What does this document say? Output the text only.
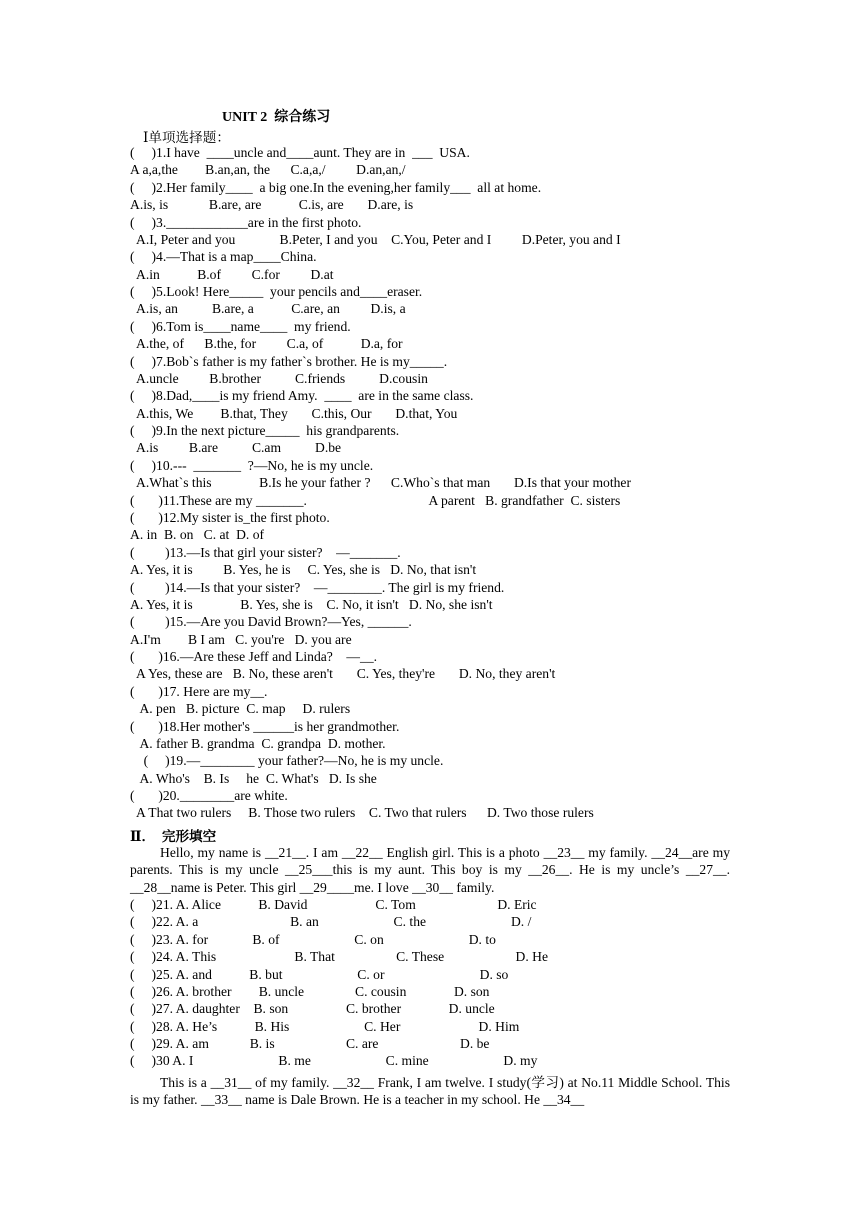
UNIT 2  综合练习
Ⅰ单项选择题：
(     )1.I have  ____uncle and____aunt. They are in  ___  USA.
A a,a,the        B.an,an, the      C.a,a,/         D.an,an,/
(     )2.Her family____  a big one.In the evening,her family___  all at home.
A.is, is            B.are, are           C.is, are       D.are, is
(     )3.____________are in the first photo.
A.I, Peter and you             B.Peter, I and you    C.You, Peter and I         D.Peter, you and I
(     )4.—That is a map____China.
A.in           B.of         C.for         D.at
(     )5.Look! Here_____  your pencils and____eraser.
A.is, an          B.are, a           C.are, an         D.is, a
(     )6.Tom is____name____  my friend.
A.the, of      B.the, for         C.a, of           D.a, for
(     )7.Bob`s father is my father`s brother. He is my_____.
A.uncle         B.brother          C.friends          D.cousin
(     )8.Dad,____is my friend Amy.  ____  are in the same class.
A.this, We        B.that, They       C.this, Our       D.that, You
(     )9.In the next picture_____  his grandparents.
A.is         B.are          C.am          D.be
(     )10.---  _______  ?—No, he is my uncle.
A.What`s this              B.Is he your father ?      C.Who`s that man       D.Is that your mother
(       )11.These are my _______.                                    A parent   B. grandfather  C. sisters
(       )12.My sister is_the first photo.
A. in  B. on   C. at  D. of
(         )13.—Is that girl your sister?    —_______.
A. Yes, it is         B. Yes, he is     C. Yes, she is   D. No, that isn't
(         )14.—Is that your sister?    —________. The girl is my friend.
A. Yes, it is              B. Yes, she is    C. No, it isn't   D. No, she isn't
(         )15.—Are you David Brown?—Yes, ______.
A.I'm        B I am   C. you're   D. you are
(       )16.—Are these Jeff and Linda?    —__.
A Yes, these are   B. No, these aren't       C. Yes, they're       D. No, they aren't
(       )17. Here are my__.
A. pen   B. picture  C. map     D. rulers
(       )18.Her mother's ______is her grandmother.
A. father B. grandma  C. grandpa  D. mother.
(     )19.—________ your father?—No, he is my uncle.
A. Who's    B. Is     he  C. What's   D. Is she
(       )20.________are white.
A That two rulers     B. Those two rulers    C. Two that rulers      D. Two those rulers
Ⅱ．  完形填空
Hello, my name is __21__. I am __22__ English girl. This is a photo __23__ my family. __24__are my parents. This is my uncle __25___this is my aunt. This boy is my __26__. He is my uncle’s __27__. __28__name is Peter. This girl __29____me. I love __30__ family.
(     )21. A. Alice           B. David                    C. Tom                        D. Eric
(     )22. A. a                           B. an                      C. the                         D. /
(     )23. A. for             B. of                      C. on                         D. to
(     )24. A. This                       B. That                  C. These                     D. He
(     )25. A. and           B. but                      C. or                            D. so
(     )26. A. brother        B. uncle               C. cousin              D. son
(     )27. A. daughter    B. son                 C. brother              D. uncle
(     )28. A. He’s           B. His                      C. Her                       D. Him
(     )29. A. am            B. is                     C. are                        D. be
(     )30 A. I                         B. me                      C. mine                      D. my
This is a __31__ of my family. __32__ Frank, I am twelve. I study(学习) at No.11 Middle School. This is my father. __33__ name is Dale Brown. He is a teacher in my school. He __34__
